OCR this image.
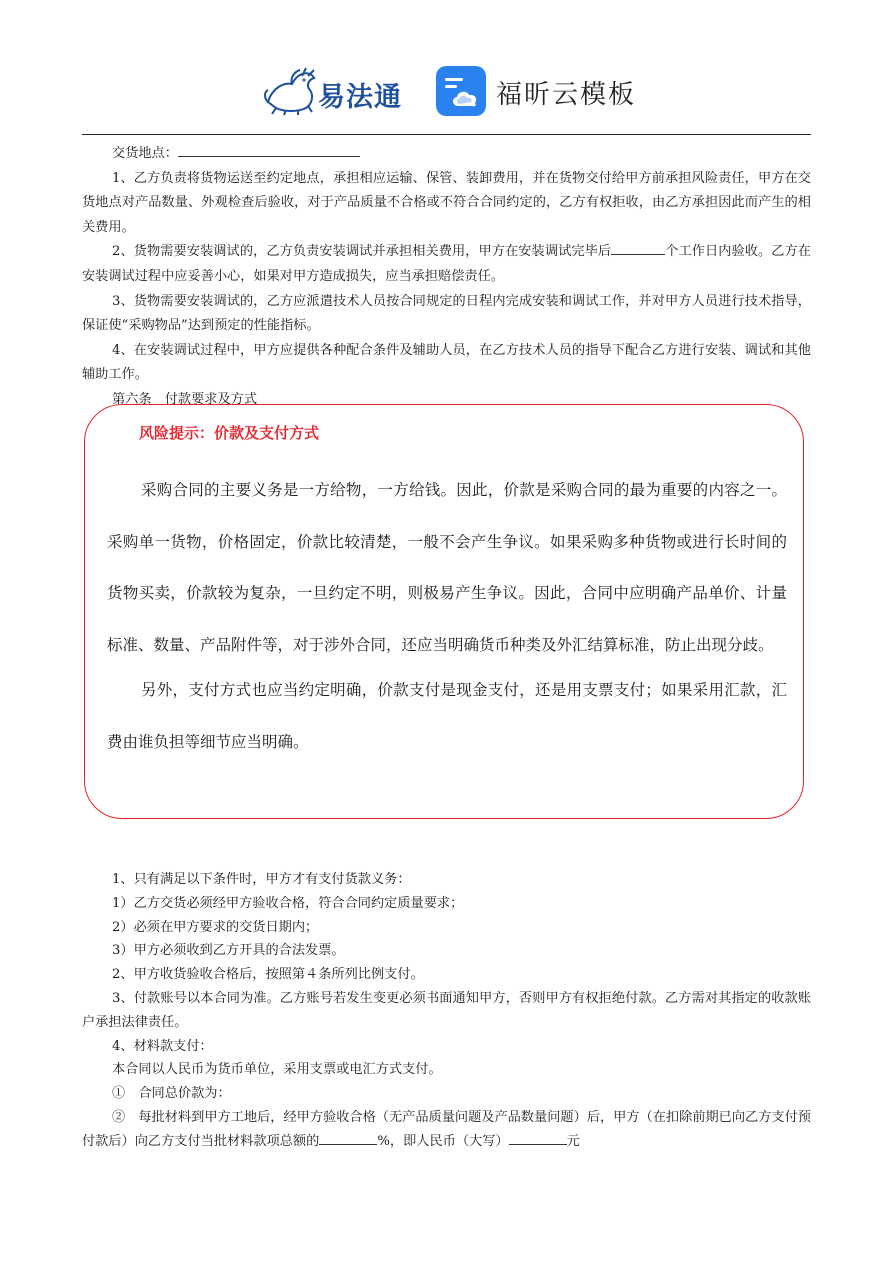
易法通	福昕云模板

交货地点：

1、乙方负责将货物运送至约定地点，承担相应运输、保管、装卸费用，并在货物交付给甲方前承担风险责任，甲方在交货地点对产品数量、外观检查后验收，对于产品质量不合格或不符合合同约定的，乙方有权拒收，由乙方承担因此而产生的相关费用。

2、货物需要安装调试的，乙方负责安装调试并承担相关费用，甲方在安装调试完毕后	个工作日内验收。乙方在安装调试过程中应妥善小心，如果对甲方造成损失，应当承担赔偿责任。

3、货物需要安装调试的，乙方应派遣技术人员按合同规定的日程内完成安装和调试工作，并对甲方人员进行技术指导，保证使“采购物品”达到预定的性能指标。

4、在安装调试过程中，甲方应提供各种配合条件及辅助人员，在乙方技术人员的指导下配合乙方进行安装、调试和其他辅助工作。

第六条　付款要求及方式

风险提示：价款及支付方式

采购合同的主要义务是一方给物，一方给钱。因此，价款是采购合同的最为重要的内容之一。采购单一货物，价格固定，价款比较清楚，一般不会产生争议。如果采购多种货物或进行长时间的货物买卖，价款较为复杂，一旦约定不明，则极易产生争议。因此，合同中应明确产品单价、计量标准、数量、产品附件等，对于涉外合同，还应当明确货币种类及外汇结算标准，防止出现分歧。

另外，支付方式也应当约定明确，价款支付是现金支付，还是用支票支付；如果采用汇款，汇费由谁负担等细节应当明确。

1、只有满足以下条件时，甲方才有支付货款义务：

1）乙方交货必须经甲方验收合格，符合合同约定质量要求；

2）必须在甲方要求的交货日期内；

3）甲方必须收到乙方开具的合法发票。

2、甲方收货验收合格后，按照第４条所列比例支付。

3、付款账号以本合同为准。乙方账号若发生变更必须书面通知甲方，否则甲方有权拒绝付款。乙方需对其指定的收款账户承担法律责任。

4、材料款支付：

本合同以人民币为货币单位，采用支票或电汇方式支付。

①　合同总价款为：

②　每批材料到甲方工地后，经甲方验收合格（无产品质量问题及产品数量问题）后，甲方（在扣除前期已向乙方支付预付款后）向乙方支付当批材料款项总额的	%，即人民币（大写）	元
